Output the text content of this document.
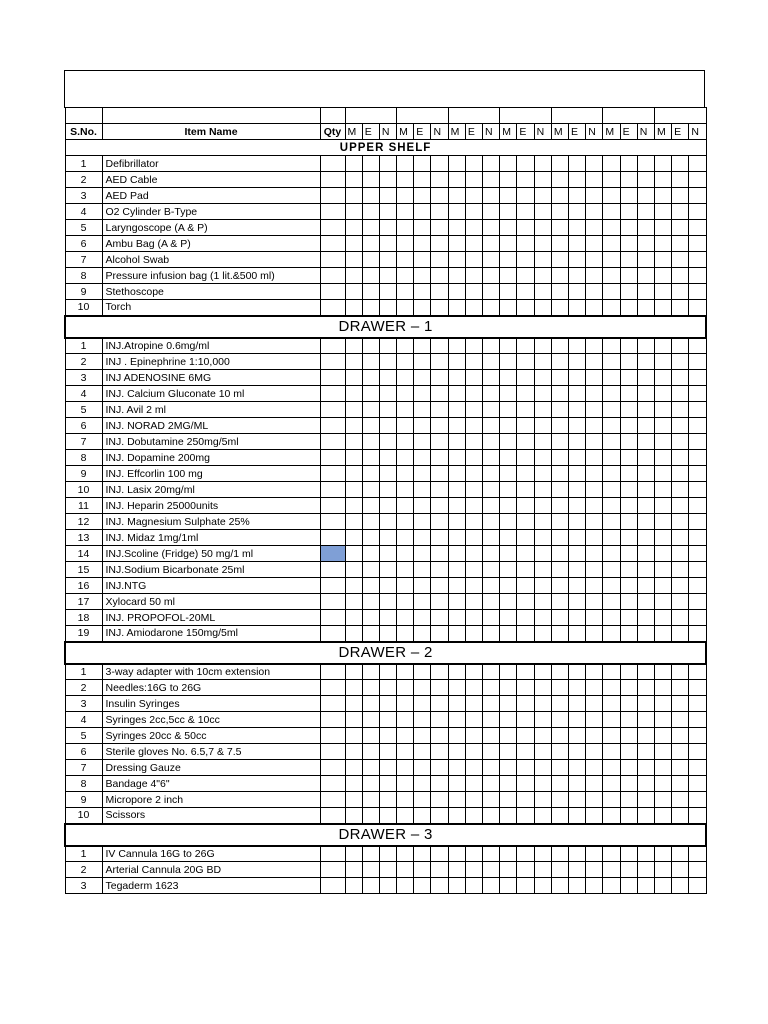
S.No.	Item Name	Qty	M	E	N	M	E	N	M	E	N	M	E	N	M	E	N	M	E	N	M	E	N
UPPER SHELF																							
1	Defibrillator																						
2	AED Cable																						
3	AED Pad																						
4	O2 Cylinder B-Type																						
5	Laryngoscope (A & P)																						
6	Ambu Bag (A & P)																						
7	Alcohol Swab																						
8	Pressure infusion bag (1 lit.&500 ml)																						
9	Stethoscope																						
10	Torch																						
DRAWER – 1																							
1	INJ.Atropine 0.6mg/ml																						
2	INJ . Epinephrine 1:10,000																						
3	INJ ADENOSINE 6MG																						
4	INJ. Calcium Gluconate 10 ml																						
5	INJ. Avil 2 ml																						
6	INJ. NORAD 2MG/ML																						
7	INJ. Dobutamine 250mg/5ml																						
8	INJ. Dopamine 200mg																						
9	INJ. Effcorlin 100 mg																						
10	INJ. Lasix 20mg/ml																						
11	INJ. Heparin 25000units																						
12	INJ. Magnesium Sulphate 25%																						
13	INJ. Midaz 1mg/1ml																						
14	INJ.Scoline (Fridge) 50 mg/1 ml																						
15	INJ.Sodium Bicarbonate 25ml																						
16	INJ.NTG																						
17	Xylocard 50 ml																						
18	INJ. PROPOFOL-20ML																						
19	INJ. Amiodarone 150mg/5ml																						
DRAWER – 2																							
1	3-way adapter with 10cm extension																						
2	Needles:16G to 26G																						
3	Insulin Syringes																						
4	Syringes 2cc,5cc & 10cc																						
5	Syringes 20cc & 50cc																						
6	Sterile gloves No. 6.5,7 & 7.5																						
7	Dressing Gauze																						
8	Bandage 4"6"																						
9	Micropore 2 inch																						
10	Scissors																						
DRAWER – 3																							
1	IV Cannula 16G to 26G																						
2	Arterial Cannula 20G BD																						
3	Tegaderm 1623																						
